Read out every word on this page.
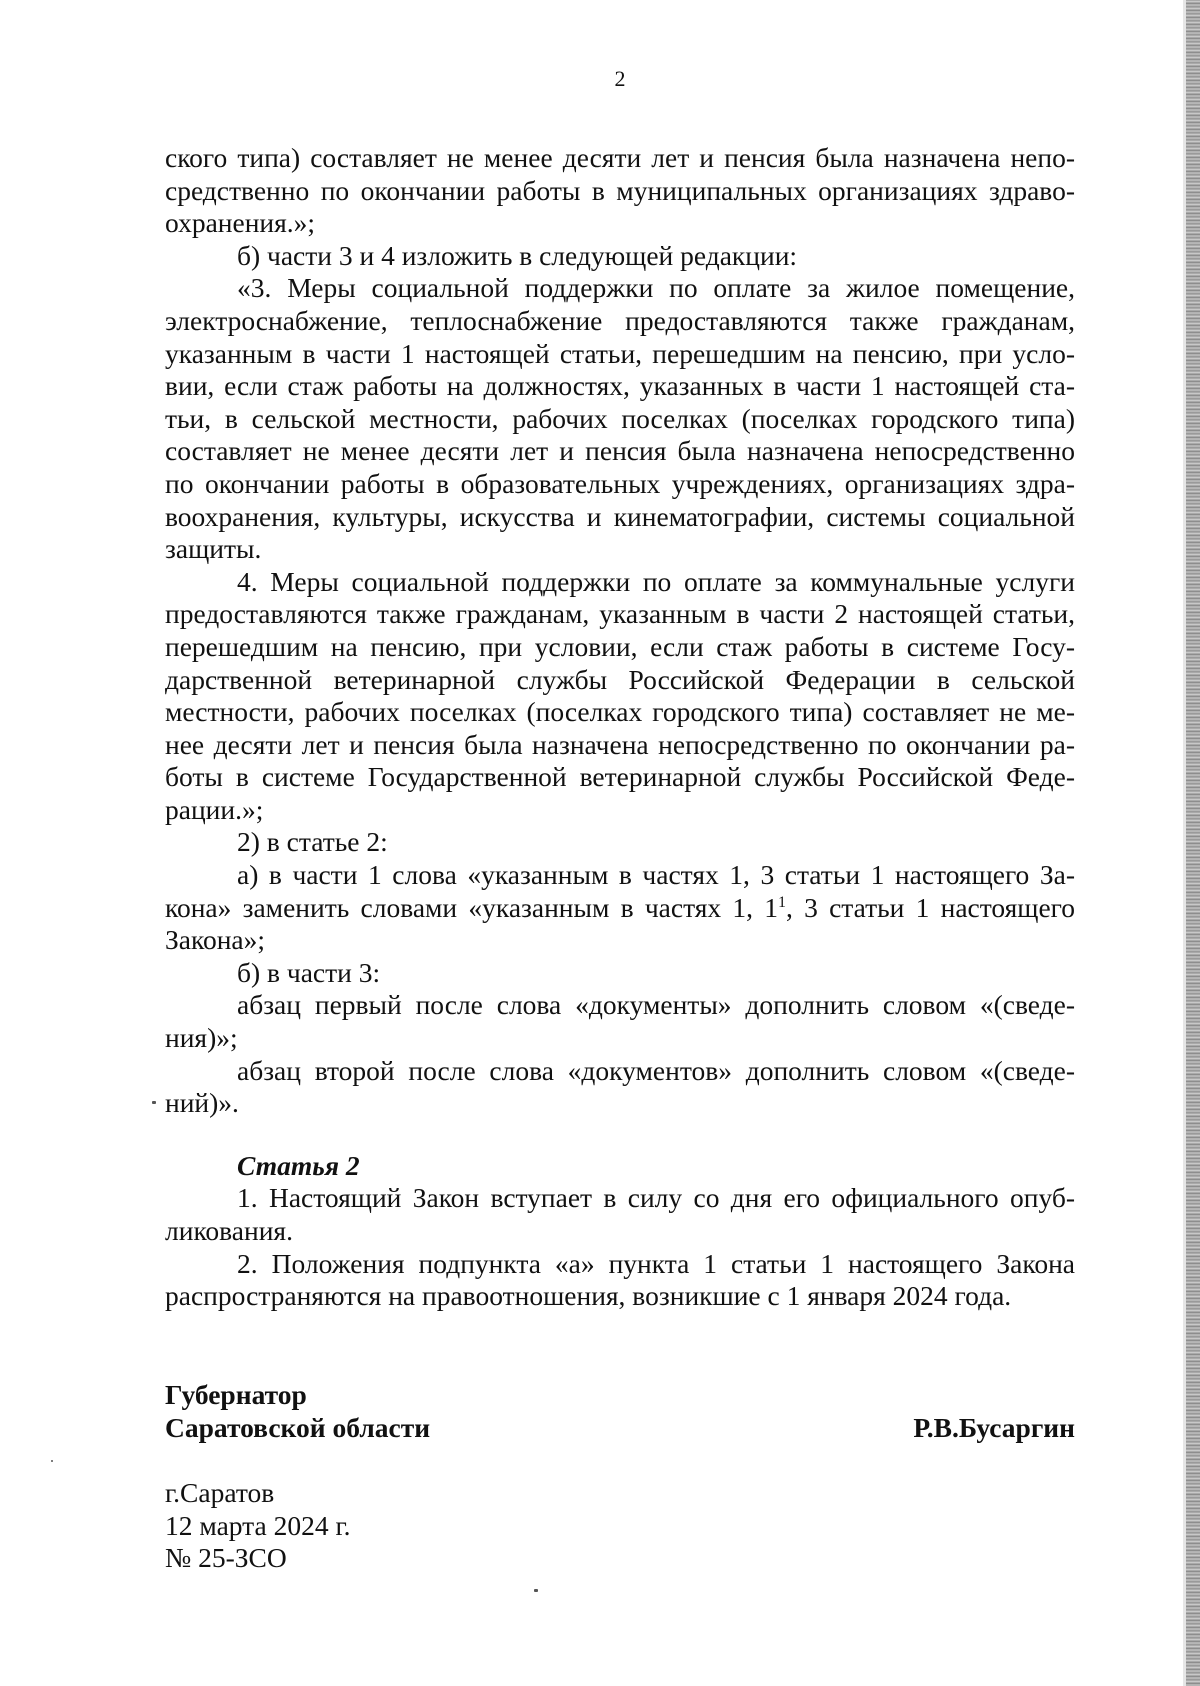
2

ского типа) составляет не менее десяти лет и пенсия была назначена непо-

средственно по окончании работы в муниципальных организациях здраво-

охранения.»;

б) части 3 и 4 изложить в следующей редакции:

«3. Меры социальной поддержки по оплате за жилое помещение,

электроснабжение, теплоснабжение предоставляются также гражданам,

указанным в части 1 настоящей статьи, перешедшим на пенсию, при усло-

вии, если стаж работы на должностях, указанных в части 1 настоящей ста-

тьи, в сельской местности, рабочих поселках (поселках городского типа)

составляет не менее десяти лет и пенсия была назначена непосредственно

по окончании работы в образовательных учреждениях, организациях здра-

воохранения, культуры, искусства и кинематографии, системы социальной

защиты.

4. Меры социальной поддержки по оплате за коммунальные услуги

предоставляются также гражданам, указанным в части 2 настоящей статьи,

перешедшим на пенсию, при условии, если стаж работы в системе Госу-

дарственной ветеринарной службы Российской Федерации в сельской

местности, рабочих поселках (поселках городского типа) составляет не ме-

нее десяти лет и пенсия была назначена непосредственно по окончании ра-

боты в системе Государственной ветеринарной службы Российской Феде-

рации.»;

2) в статье 2:

а) в части 1 слова «указанным в частях 1, 3 статьи 1 настоящего За-

кона» заменить словами «указанным в частях 1, $1^1$, 3 статьи 1 настоящего

Закона»;

б) в части 3:

абзац первый после слова «документы» дополнить словом «(сведе-

ния)»;

абзац второй после слова «документов» дополнить словом «(сведе-

ний)».

Статья 2

1. Настоящий Закон вступает в силу со дня его официального опуб-

ликования.

2. Положения подпункта «а» пункта 1 статьи 1 настоящего Закона

распространяются на правоотношения, возникшие с 1 января 2024 года.

Губернатор
Саратовской области	Р.В.Бусаргин
г.Саратов
12 марта 2024 г.
№ 25-ЗСО
